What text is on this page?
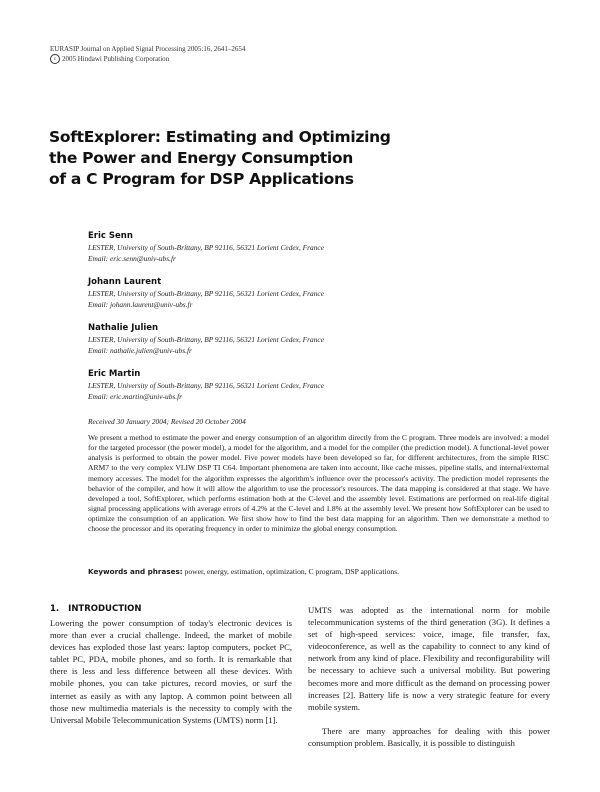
EURASIP Journal on Applied Signal Processing 2005:16, 2641–2654
c 2005 Hindawi Publishing Corporation
SoftExplorer: Estimating and Optimizing
the Power and Energy Consumption
of a C Program for DSP Applications
Eric Senn
LESTER, University of South-Brittany, BP 92116, 56321 Lorient Cedex, France
Email: eric.senn@univ-ubs.fr
Johann Laurent
LESTER, University of South-Brittany, BP 92116, 56321 Lorient Cedex, France
Email: johann.laurent@univ-ubs.fr
Nathalie Julien
LESTER, University of South-Brittany, BP 92116, 56321 Lorient Cedex, France
Email: nathalie.julien@univ-ubs.fr
Eric Martin
LESTER, University of South-Brittany, BP 92116, 56321 Lorient Cedex, France
Email: eric.martin@univ-ubs.fr
Received 30 January 2004; Revised 20 October 2004

We present a method to estimate the power and energy consumption of an algorithm directly from the C program. Three models are involved: a model for the targeted processor (the power model), a model for the algorithm, and a model for the compiler (the prediction model). A functional-level power analysis is performed to obtain the power model. Five power models have been developed so far, for different architectures, from the simple RISC ARM7 to the very complex VLIW DSP TI C64. Important phenomena are taken into account, like cache misses, pipeline stalls, and internal/external memory accesses. The model for the algorithm expresses the algorithm's influence over the processor's activity. The prediction model represents the behavior of the compiler, and how it will allow the algorithm to use the processor's resources. The data mapping is considered at that stage. We have developed a tool, SoftExplorer, which performs estimation both at the C-level and the assembly level. Estimations are performed on real-life digital signal processing applications with average errors of 4.2% at the C-level and 1.8% at the assembly level. We present how SoftExplorer can be used to optimize the consumption of an application. We first show how to find the best data mapping for an algorithm. Then we demonstrate a method to choose the processor and its operating frequency in order to minimize the global energy consumption.

Keywords and phrases: power, energy, estimation, optimization, C program, DSP applications.
1. INTRODUCTION

Lowering the power consumption of today's electronic devices is more than ever a crucial challenge. Indeed, the market of mobile devices has exploded those last years: laptop computers, pocket PC, tablet PC, PDA, mobile phones, and so forth. It is remarkable that there is less and less difference between all these devices. With mobile phones, you can take pictures, record movies, or surf the internet as easily as with any laptop. A common point between all those new multimedia materials is the necessity to comply with the Universal Mobile Telecommunication Systems (UMTS) norm [1].

UMTS was adopted as the international norm for mobile telecommunication systems of the third generation (3G). It defines a set of high-speed services: voice, image, file transfer, fax, videoconference, as well as the capability to connect to any kind of network from any kind of place. Flexibility and reconfigurability will be necessary to achieve such a universal mobility. But powering becomes more and more difficult as the demand on processing power increases [2]. Battery life is now a very strategic feature for every mobile system.

There are many approaches for dealing with this power consumption problem. Basically, it is possible to distinguish
